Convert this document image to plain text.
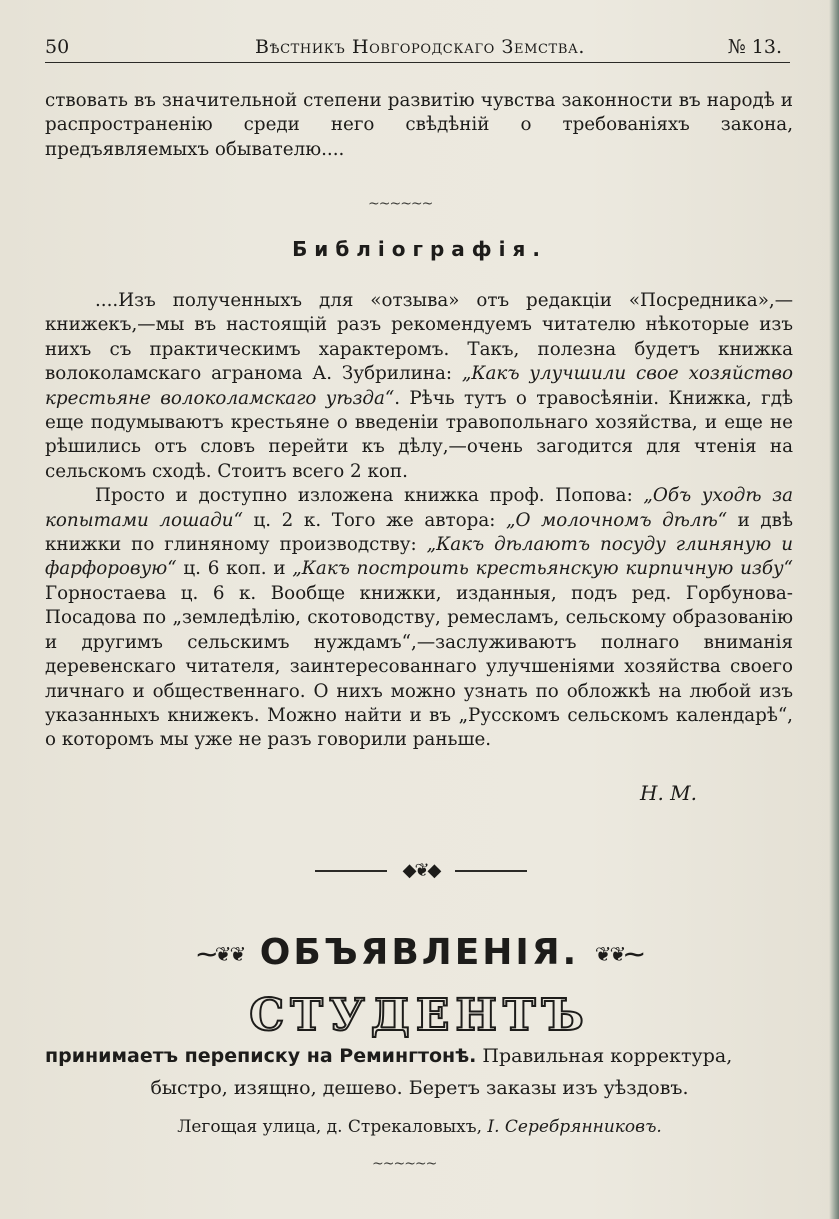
50	Вѣстникъ Новгородскаго Земства.	№ 13.

ствовать въ значительной степени развитію чувства законности въ народѣ и распространенію среди него свѣдѣній о требованіяхъ закона, предъявляемыхъ обывателю....

~~~~~~
Библіографія.

....Изъ полученныхъ для «отзыва» отъ редакціи «Посредника»,—книжекъ,—мы въ настоящій разъ рекомендуемъ читателю нѣкоторые изъ нихъ съ практическимъ характеромъ. Такъ, полезна будетъ книжка волоколамскаго агранома А. Зубрилина: „Какъ улучшили свое хозяйство крестьяне волоколамскаго уѣзда“. Рѣчь тутъ о травосѣяніи. Книжка, гдѣ еще подумываютъ крестьяне о введеніи травопольнаго хозяйства, и еще не рѣшились отъ словъ перейти къ дѣлу,—очень загодится для чтенія на сельскомъ сходѣ. Стоитъ всего 2 коп.

Просто и доступно изложена книжка проф. Попова: „Объ уходѣ за копытами лошади“ ц. 2 к. Того же автора: „О молочномъ дѣлѣ“ и двѣ книжки по глиняному производству: „Какъ дѣлаютъ посуду глиняную и фарфоровую“ ц. 6 коп. и „Какъ построить крестьянскую кирпичную избу“ Горностаева ц. 6 к. Вообще книжки, изданныя, подъ ред. Горбунова-Посадова по „земледѣлію, скотоводству, ремесламъ, сельскому образованію и другимъ сельскимъ нуждамъ“,—заслуживаютъ полнаго вниманія деревенскаго читателя, заинтересованнаго улучшеніями хозяйства своего личнаго и общественнаго. О нихъ можно узнать по обложкѣ на любой изъ указанныхъ книжекъ. Можно найти и въ „Русскомъ сельскомъ календарѣ“, о которомъ мы уже не разъ говорили раньше.

Н. М.
◆❦◆
⁓❦❦ ОБЪЯВЛЕНІЯ. ❦❦⁓
СТУДЕНТЪ
принимаетъ переписку на Ремингтонѣ. Правильная корректура,
быстро, изящно, дешево. Беретъ заказы изъ уѣздовъ.
Легощая улица, д. Стрекаловыхъ, I. Серебрянниковъ.
~~~~~~
